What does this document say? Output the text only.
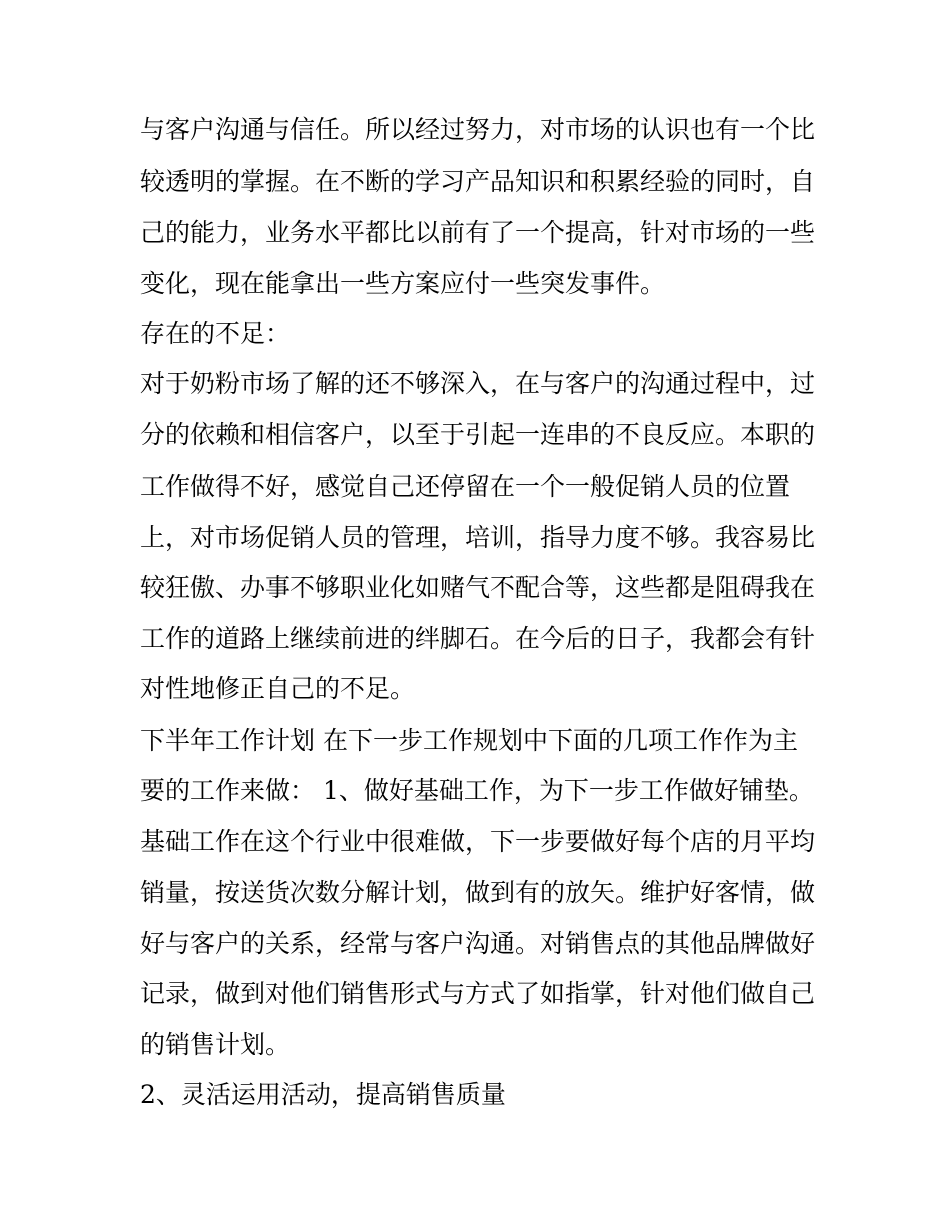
与客户沟通与信任。所以经过努力，对市场的认识也有一个比
较透明的掌握。在不断的学习产品知识和积累经验的同时，自
己的能力，业务水平都比以前有了一个提高，针对市场的一些
变化，现在能拿出一些方案应付一些突发事件。
存在的不足：
对于奶粉市场了解的还不够深入，在与客户的沟通过程中，过
分的依赖和相信客户，以至于引起一连串的不良反应。本职的
工作做得不好，感觉自己还停留在一个一般促销人员的位置
上，对市场促销人员的管理，培训，指导力度不够。我容易比
较狂傲、办事不够职业化如赌气不配合等，这些都是阻碍我在
工作的道路上继续前进的绊脚石。在今后的日子，我都会有针
对性地修正自己的不足。
下半年工作计划 在下一步工作规划中下面的几项工作作为主
要的工作来做： 1、做好基础工作，为下一步工作做好铺垫。
基础工作在这个行业中很难做，下一步要做好每个店的月平均
销量，按送货次数分解计划，做到有的放矢。维护好客情，做
好与客户的关系，经常与客户沟通。对销售点的其他品牌做好
记录，做到对他们销售形式与方式了如指掌，针对他们做自己
的销售计划。
2、灵活运用活动，提高销售质量
